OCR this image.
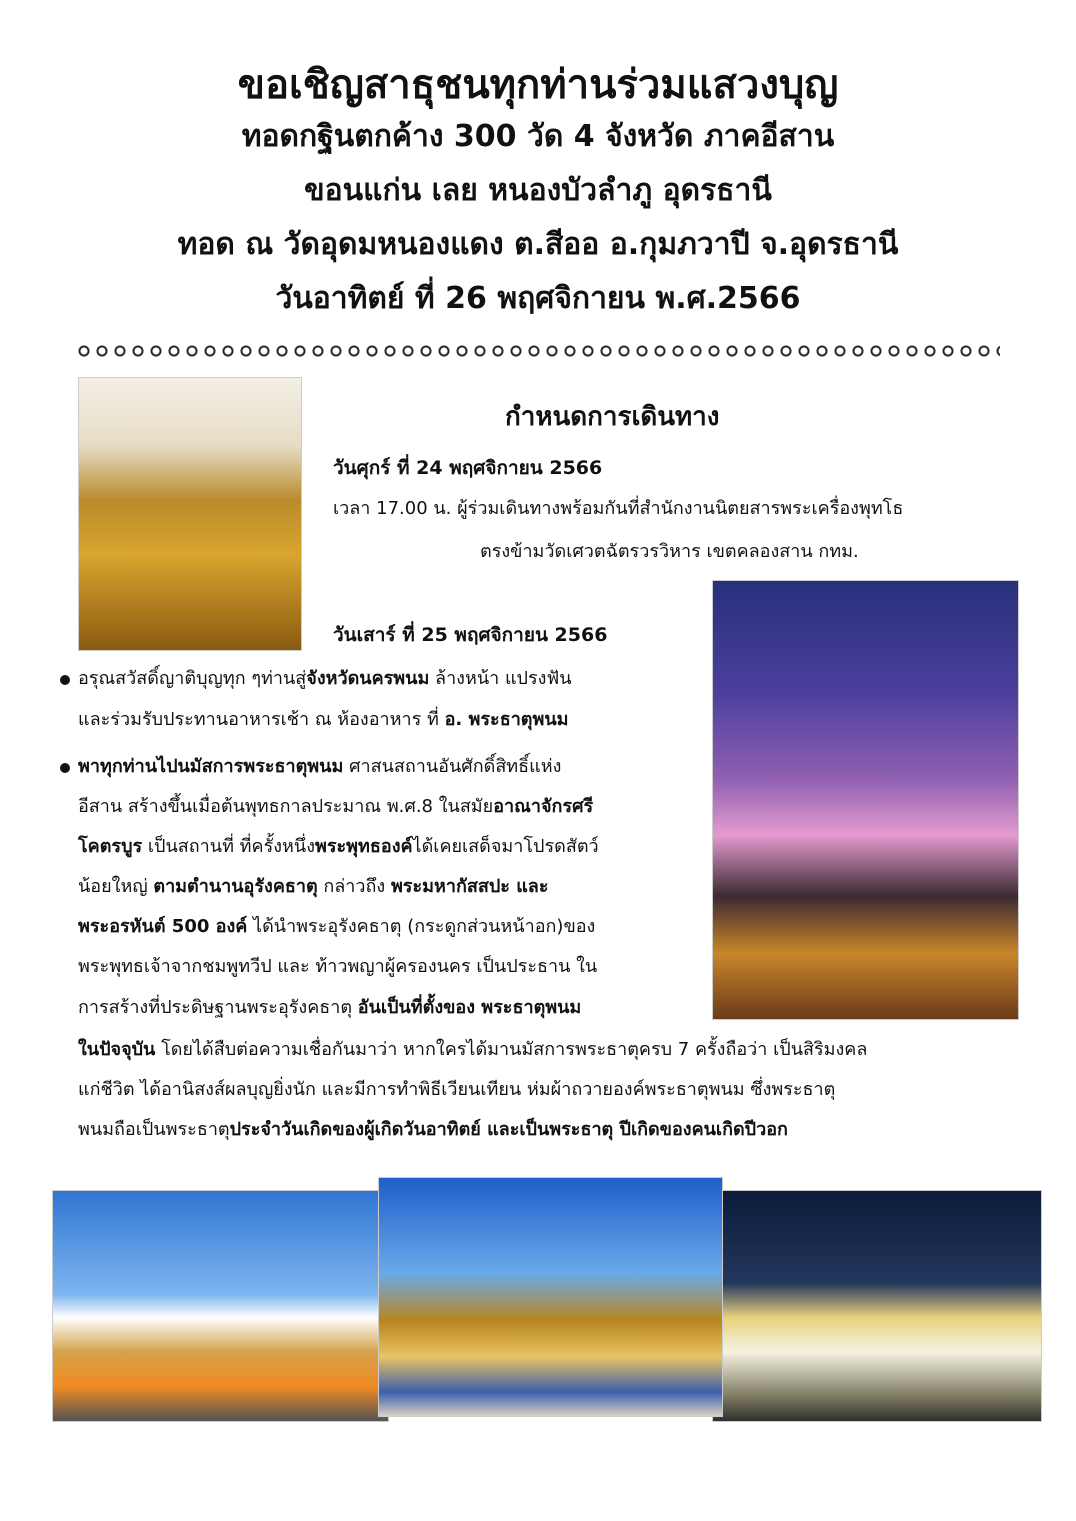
ขอเชิญสาธุชนทุกท่านร่วมแสวงบุญ

ทอดกฐินตกค้าง 300 วัด 4 จังหวัด ภาคอีสาน

ขอนแก่น เลย หนองบัวลำภู อุดรธานี

ทอด ณ วัดอุดมหนองแดง ต.สีออ อ.กุมภวาปี จ.อุดรธานี

วันอาทิตย์ ที่ 26 พฤศจิกายน พ.ศ.2566

กำหนดการเดินทาง

วันศุกร์ ที่ 24 พฤศจิกายน 2566

เวลา 17.00 น. ผู้ร่วมเดินทางพร้อมกันที่สำนักงานนิตยสารพระเครื่องพุทโธ

ตรงข้ามวัดเศวตฉัตรวรวิหาร เขตคลองสาน กทม.

วันเสาร์ ที่ 25 พฤศจิกายน 2566

อรุณสวัสดิ์ญาติบุญทุก ๆท่านสู่จังหวัดนครพนม ล้างหน้า แปรงฟัน

และร่วมรับประทานอาหารเช้า ณ ห้องอาหาร ที่ อ. พระธาตุพนม

พาทุกท่านไปนมัสการพระธาตุพนม ศาสนสถานอันศักดิ์สิทธิ์แห่ง

อีสาน สร้างขึ้นเมื่อต้นพุทธกาลประมาณ พ.ศ.8 ในสมัยอาณาจักรศรี

โคตรบูร เป็นสถานที่ ที่ครั้งหนึ่งพระพุทธองค์ได้เคยเสด็จมาโปรดสัตว์

น้อยใหญ่ ตามตำนานอุรังคธาตุ กล่าวถึง พระมหากัสสปะ และ

พระอรหันต์ 500 องค์ ได้นำพระอุรังคธาตุ (กระดูกส่วนหน้าอก)ของ

พระพุทธเจ้าจากชมพูทวีป และ ท้าวพญาผู้ครองนคร เป็นประธาน ใน

การสร้างที่ประดิษฐานพระอุรังคธาตุ อันเป็นที่ตั้งของ พระธาตุพนม

ในปัจจุบัน โดยได้สืบต่อความเชื่อกันมาว่า หากใครได้มานมัสการพระธาตุครบ 7 ครั้งถือว่า เป็นสิริมงคล

แก่ชีวิต ได้อานิสงส์ผลบุญยิ่งนัก และมีการทำพิธีเวียนเทียน ห่มผ้าถวายองค์พระธาตุพนม ซึ่งพระธาตุ

พนมถือเป็นพระธาตุประจำวันเกิดของผู้เกิดวันอาทิตย์ และเป็นพระธาตุ ปีเกิดของคนเกิดปีวอก
